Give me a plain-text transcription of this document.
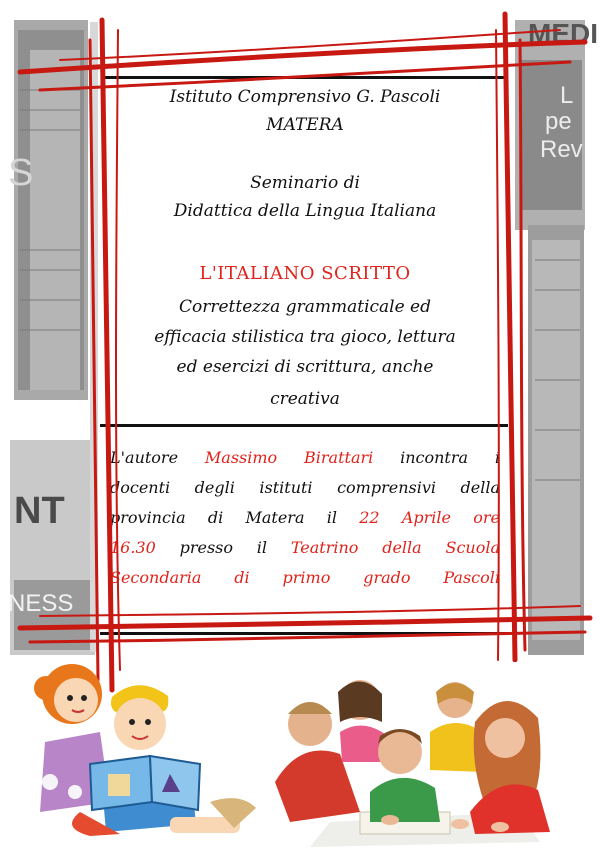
MEDI
L
pe
Rev
S
NT
NESS
Istituto Comprensivo G. Pascoli
MATERA
Seminario di
Didattica della Lingua Italiana
L'ITALIANO SCRITTO
Correttezza grammaticale ed
efficacia stilistica tra gioco, lettura
ed esercizi di scrittura, anche
creativa
L'autore Massimo Birattari incontra i
docenti degli istituti comprensivi della
provincia di Matera il 22 Aprile ore
16.30 presso il Teatrino della Scuola
Secondaria di primo grado Pascoli
